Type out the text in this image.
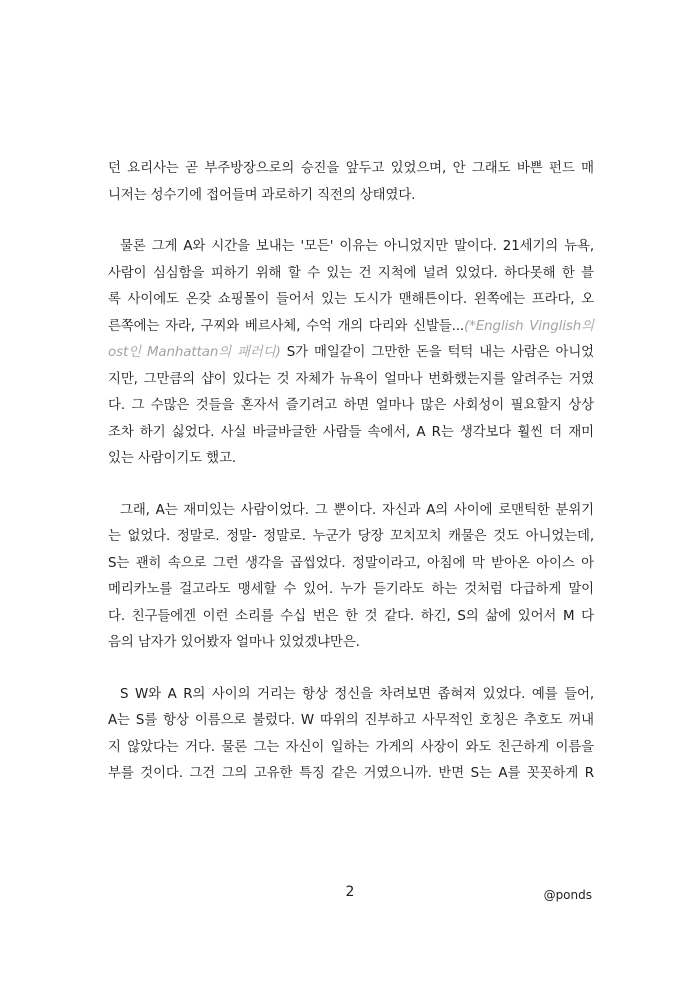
던 요리사는 곧 부주방장으로의 승진을 앞두고 있었으며, 안 그래도 바쁜 펀드 매
니저는 성수기에 접어들며 과로하기 직전의 상태였다.
물론 그게 A와 시간을 보내는 '모든' 이유는 아니었지만 말이다. 21세기의 뉴욕,
사람이 심심함을 피하기 위해 할 수 있는 건 지척에 널려 있었다. 하다못해 한 블
록 사이에도 온갖 쇼핑몰이 들어서 있는 도시가 맨해튼이다. 왼쪽에는 프라다, 오
른쪽에는 자라, 구찌와 베르사체, 수억 개의 다리와 신발들...(*English Vinglish의
ost인 Manhattan의 패러디) S가 매일같이 그만한 돈을 턱턱 내는 사람은 아니었
지만, 그만큼의 샵이 있다는 것 자체가 뉴욕이 얼마나 번화했는지를 알려주는 거였
다. 그 수많은 것들을 혼자서 즐기려고 하면 얼마나 많은 사회성이 필요할지 상상
조차 하기 싫었다. 사실 바글바글한 사람들 속에서, A R는 생각보다 훨씬 더 재미
있는 사람이기도 했고.
그래, A는 재미있는 사람이었다. 그 뿐이다. 자신과 A의 사이에 로맨틱한 분위기
는 없었다. 정말로. 정말- 정말로. 누군가 당장 꼬치꼬치 캐물은 것도 아니었는데,
S는 괜히 속으로 그런 생각을 곱씹었다. 정말이라고, 아침에 막 받아온 아이스 아
메리카노를 걸고라도 맹세할 수 있어. 누가 듣기라도 하는 것처럼 다급하게 말이
다. 친구들에겐 이런 소리를 수십 번은 한 것 같다. 하긴, S의 삶에 있어서 M 다
음의 남자가 있어봤자 얼마나 있었겠냐만은.
S W와 A R의 사이의 거리는 항상 정신을 차려보면 좁혀져 있었다. 예를 들어,
A는 S를 항상 이름으로 불렀다. W 따위의 진부하고 사무적인 호칭은 추호도 꺼내
지 않았다는 거다. 물론 그는 자신이 일하는 가게의 사장이 와도 친근하게 이름을
부를 것이다. 그건 그의 고유한 특징 같은 거였으니까. 반면 S는 A를 꼿꼿하게 R
2	@ponds
